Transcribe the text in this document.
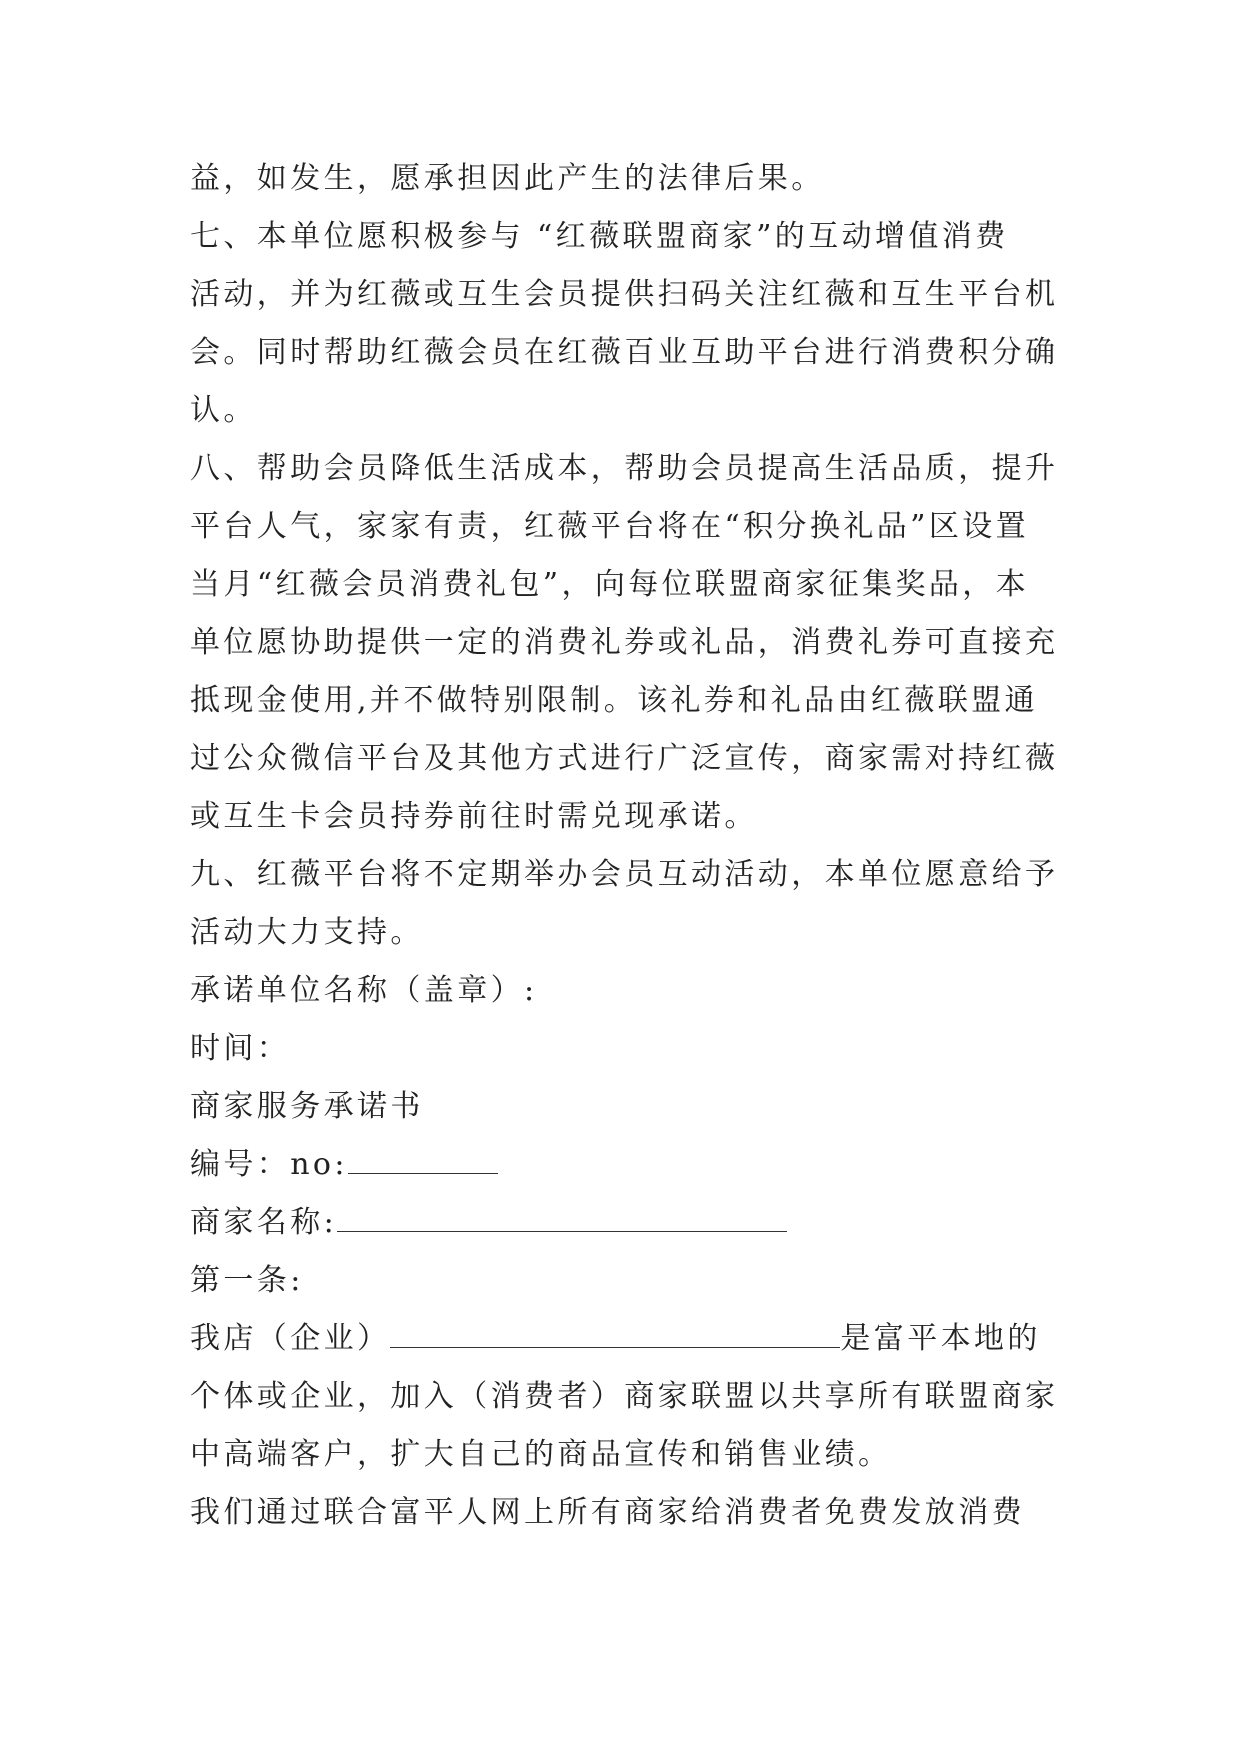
益，如发生，愿承担因此产生的法律后果。
七、本单位愿积极参与 “红薇联盟商家”的互动增值消费
活动，并为红薇或互生会员提供扫码关注红薇和互生平台机
会。同时帮助红薇会员在红薇百业互助平台进行消费积分确
认。
八、帮助会员降低生活成本，帮助会员提高生活品质，提升
平台人气，家家有责，红薇平台将在“积分换礼品”区设置
当月“红薇会员消费礼包”，向每位联盟商家征集奖品，本
单位愿协助提供一定的消费礼券或礼品，消费礼券可直接充
抵现金使用,并不做特别限制。该礼券和礼品由红薇联盟通
过公众微信平台及其他方式进行广泛宣传，商家需对持红薇
或互生卡会员持券前往时需兑现承诺。
九、红薇平台将不定期举办会员互动活动，本单位愿意给予
活动大力支持。
承诺单位名称（盖章）:
时间：
商家服务承诺书
编号：no:
商家名称:
第一条:
我店（企业）	是富平本地的
个体或企业，加入（消费者）商家联盟以共享所有联盟商家
中高端客户，扩大自己的商品宣传和销售业绩。
我们通过联合富平人网上所有商家给消费者免费发放消费
